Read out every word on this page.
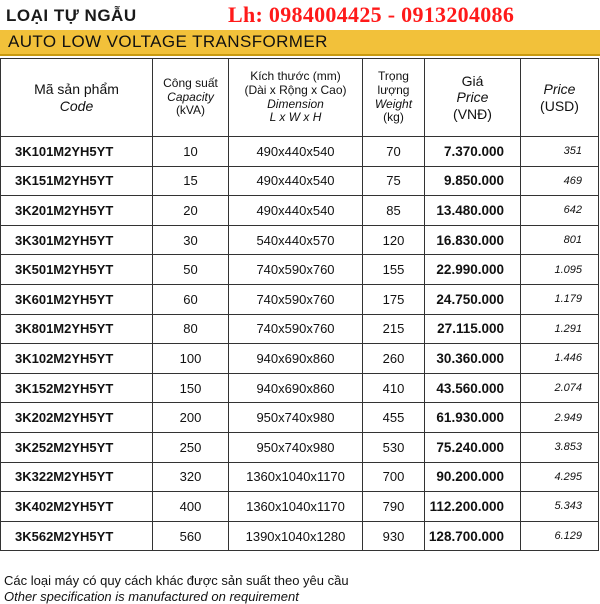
LOẠI TỰ NGẪU	Lh: 0984004425 - 0913204086
AUTO LOW VOLTAGE TRANSFORMER
Mã sản phẩm
Code	Công suất
Capacity
(kVA)	Kích thước (mm)
(Dài x Rộng x Cao)
Dimension
L x W x H	Trọng lượng
Weight
(kg)	Giá
Price
(VNĐ)	Price
(USD)

3K101M2YH5YT	10	490x440x540	70	7.370.000	351
3K151M2YH5YT	15	490x440x540	75	9.850.000	469
3K201M2YH5YT	20	490x440x540	85	13.480.000	642
3K301M2YH5YT	30	540x440x570	120	16.830.000	801
3K501M2YH5YT	50	740x590x760	155	22.990.000	1.095
3K601M2YH5YT	60	740x590x760	175	24.750.000	1.179
3K801M2YH5YT	80	740x590x760	215	27.115.000	1.291
3K102M2YH5YT	100	940x690x860	260	30.360.000	1.446
3K152M2YH5YT	150	940x690x860	410	43.560.000	2.074
3K202M2YH5YT	200	950x740x980	455	61.930.000	2.949
3K252M2YH5YT	250	950x740x980	530	75.240.000	3.853
3K322M2YH5YT	320	1360x1040x1170	700	90.200.000	4.295
3K402M2YH5YT	400	1360x1040x1170	790	112.200.000	5.343
3K562M2YH5YT	560	1390x1040x1280	930	128.700.000	6.129
Các loại máy có quy cách khác được sản suất theo yêu cầu
Other specification is manufactured on requirement
